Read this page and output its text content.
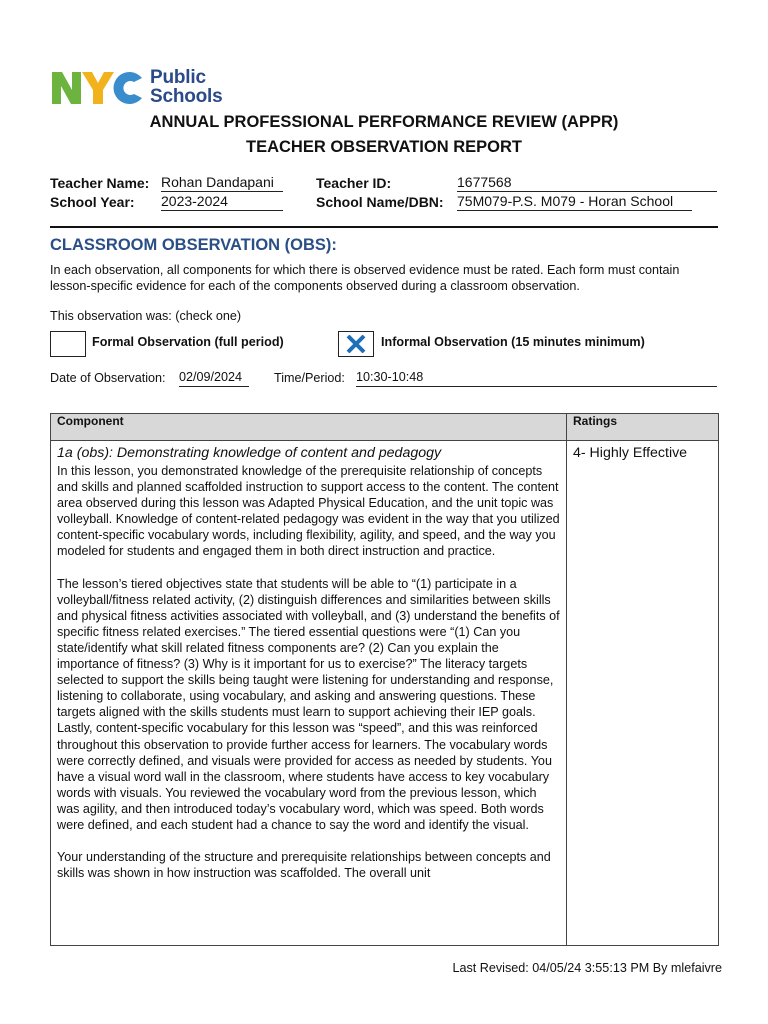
Public
Schools
ANNUAL PROFESSIONAL PERFORMANCE REVIEW (APPR)
TEACHER OBSERVATION REPORT
Teacher Name: Rohan Dandapani	Teacher ID:	1677568
School Year: 2023-2024	School Name/DBN: 75M079-P.S. M079 - Horan School
CLASSROOM OBSERVATION (OBS):
In each observation, all components for which there is observed evidence must be rated. Each form must contain lesson-specific evidence for each of the components observed during a classroom observation.
This observation was: (check one)
Formal Observation (full period)	Informal Observation (15 minutes minimum)
Date of Observation: 02/09/2024	Time/Period: 10:30-10:48
Component	Ratings

1a (obs): Demonstrating knowledge of content and pedagogy

In this lesson, you demonstrated knowledge of the prerequisite relationship of concepts and skills and planned scaffolded instruction to support access to the content. The content area observed during this lesson was Adapted Physical Education, and the unit topic was volleyball. Knowledge of content-related pedagogy was evident in the way that you utilized content-specific vocabulary words, including flexibility, agility, and speed, and the way you modeled for students and engaged them in both direct instruction and practice.

The lesson’s tiered objectives state that students will be able to “(1) participate in a volleyball/fitness related activity, (2) distinguish differences and similarities between skills and physical fitness activities associated with volleyball, and (3) understand the benefits of specific fitness related exercises.” The tiered essential questions were “(1) Can you state/identify what skill related fitness components are? (2) Can you explain the importance of fitness? (3) Why is it important for us to exercise?” The literacy targets selected to support the skills being taught were listening for understanding and response, listening to collaborate, using vocabulary, and asking and answering questions. These targets aligned with the skills students must learn to support achieving their IEP goals. Lastly, content-specific vocabulary for this lesson was “speed”, and this was reinforced throughout this observation to provide further access for learners. The vocabulary words were correctly defined, and visuals were provided for access as needed by students. You have a visual word wall in the classroom, where students have access to key vocabulary words with visuals. You reviewed the vocabulary word from the previous lesson, which was agility, and then introduced today’s vocabulary word, which was speed. Both words were defined, and each student had a chance to say the word and identify the visual.

Your understanding of the structure and prerequisite relationships between concepts and skills was shown in how instruction was scaffolded. The overall unit	4- Highly Effective
Last Revised: 04/05/24 3:55:13 PM By mlefaivre
